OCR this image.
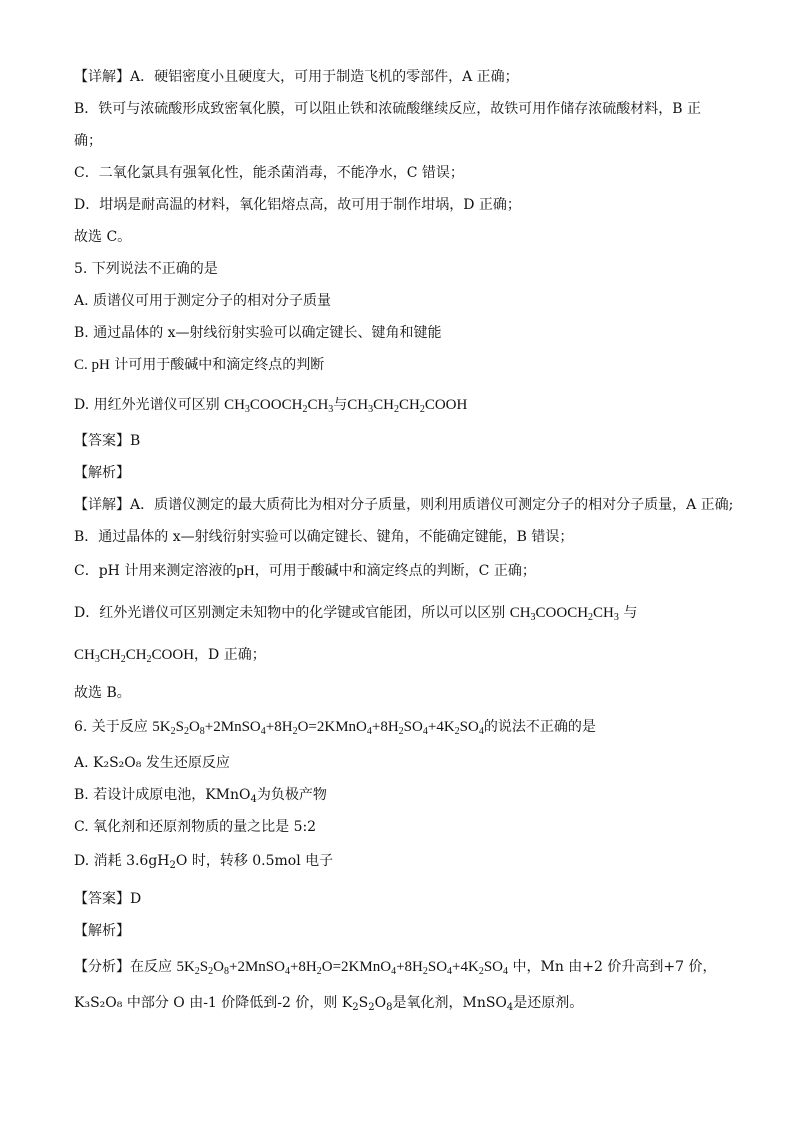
【详解】A．硬铝密度小且硬度大，可用于制造飞机的零部件，A 正确；
B．铁可与浓硫酸形成致密氧化膜，可以阻止铁和浓硫酸继续反应，故铁可用作储存浓硫酸材料，B 正
确；
C．二氧化氯具有强氧化性，能杀菌消毒，不能净水，C 错误；
D．坩埚是耐高温的材料，氧化铝熔点高，故可用于制作坩埚，D 正确；
故选 C。
5. 下列说法不正确的是
A. 质谱仪可用于测定分子的相对分子质量
B. 通过晶体的 x—射线衍射实验可以确定键长、键角和键能
C. pH 计可用于酸碱中和滴定终点的判断
D. 用红外光谱仪可区别 $CH_3COOCH_2CH_3$与$CH_3CH_2CH_2COOH$
【答案】B
【解析】
【详解】A．质谱仪测定的最大质荷比为相对分子质量，则利用质谱仪可测定分子的相对分子质量，A 正确;
B．通过晶体的 x—射线衍射实验可以确定键长、键角，不能确定键能，B 错误；
C．pH 计用来测定溶液的pH，可用于酸碱中和滴定终点的判断，C 正确；
D．红外光谱仪可区别测定未知物中的化学键或官能团，所以可以区别 $CH_3COOCH_2CH_3$ 与
$CH_3CH_2CH_2COOH$，D 正确；
故选 B。
6. 关于反应 $5K_2S_2O_8+2MnSO_4+8H_2O=2KMnO_4+8H_2SO_4+4K_2SO_4$的说法不正确的是
A. K₂S₂O₈ 发生还原反应
B. 若设计成原电池，KMnO$_4$为负极产物
C. 氧化剂和还原剂物质的量之比是 5:2
D. 消耗 $3.6gH_2O$ 时，转移 0.5mol 电子
【答案】D
【解析】
【分析】在反应 $5K_2S_2O_8+2MnSO_4+8H_2O=2KMnO_4+8H_2SO_4+4K_2SO_4$ 中，Mn 由+2 价升高到+7 价，
K₃S₂O₈ 中部分 O 由-1 价降低到-2 价，则 $K_2S_2O_8$是氧化剂，MnSO$_4$是还原剂。
